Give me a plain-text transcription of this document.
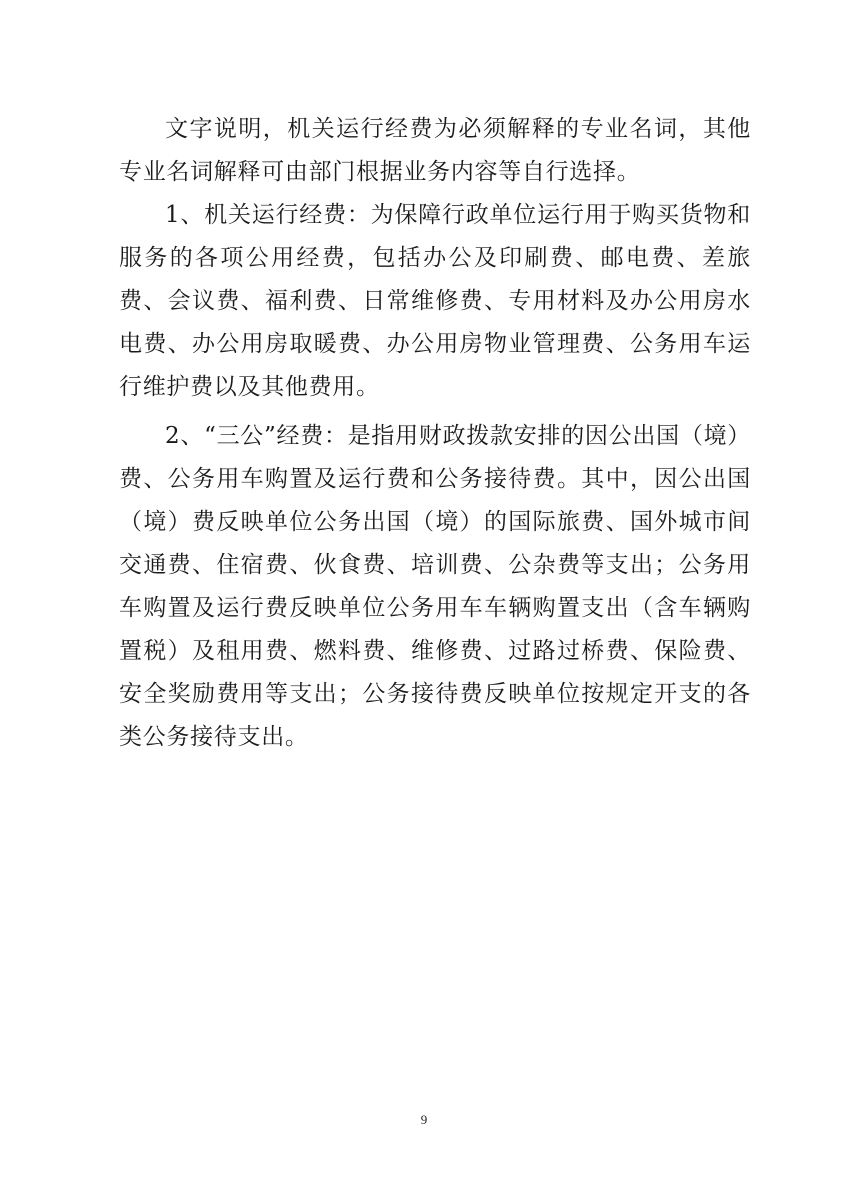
文字说明，机关运行经费为必须解释的专业名词，其他专业名词解释可由部门根据业务内容等自行选择。

1、机关运行经费：为保障行政单位运行用于购买货物和服务的各项公用经费，包括办公及印刷费、邮电费、差旅费、会议费、福利费、日常维修费、专用材料及办公用房水电费、办公用房取暖费、办公用房物业管理费、公务用车运行维护费以及其他费用。

2、“三公”经费：是指用财政拨款安排的因公出国（境）费、公务用车购置及运行费和公务接待费。其中，因公出国（境）费反映单位公务出国（境）的国际旅费、国外城市间交通费、住宿费、伙食费、培训费、公杂费等支出；公务用车购置及运行费反映单位公务用车车辆购置支出（含车辆购置税）及租用费、燃料费、维修费、过路过桥费、保险费、安全奖励费用等支出；公务接待费反映单位按规定开支的各类公务接待支出。

9
